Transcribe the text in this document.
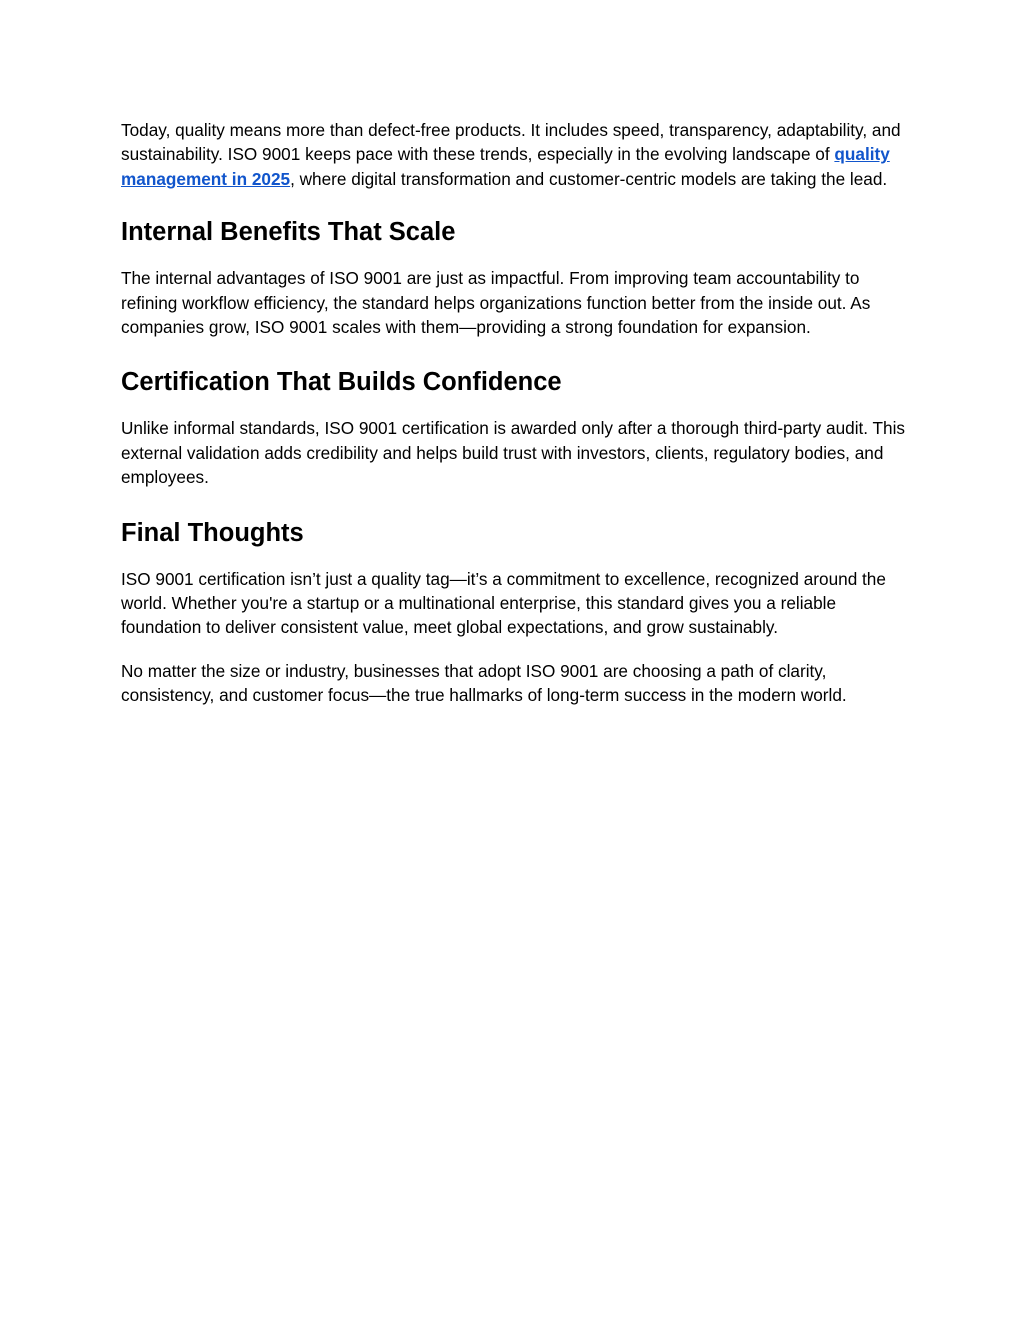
Today, quality means more than defect-free products. It includes speed, transparency, adaptability, and sustainability. ISO 9001 keeps pace with these trends, especially in the evolving landscape of quality management in 2025, where digital transformation and customer-centric models are taking the lead.

Internal Benefits That Scale

The internal advantages of ISO 9001 are just as impactful. From improving team accountability to refining workflow efficiency, the standard helps organizations function better from the inside out. As companies grow, ISO 9001 scales with them—providing a strong foundation for expansion.

Certification That Builds Confidence

Unlike informal standards, ISO 9001 certification is awarded only after a thorough third-party audit. This external validation adds credibility and helps build trust with investors, clients, regulatory bodies, and employees.

Final Thoughts

ISO 9001 certification isn’t just a quality tag—it’s a commitment to excellence, recognized around the world. Whether you're a startup or a multinational enterprise, this standard gives you a reliable foundation to deliver consistent value, meet global expectations, and grow sustainably.

No matter the size or industry, businesses that adopt ISO 9001 are choosing a path of clarity, consistency, and customer focus—the true hallmarks of long-term success in the modern world.
